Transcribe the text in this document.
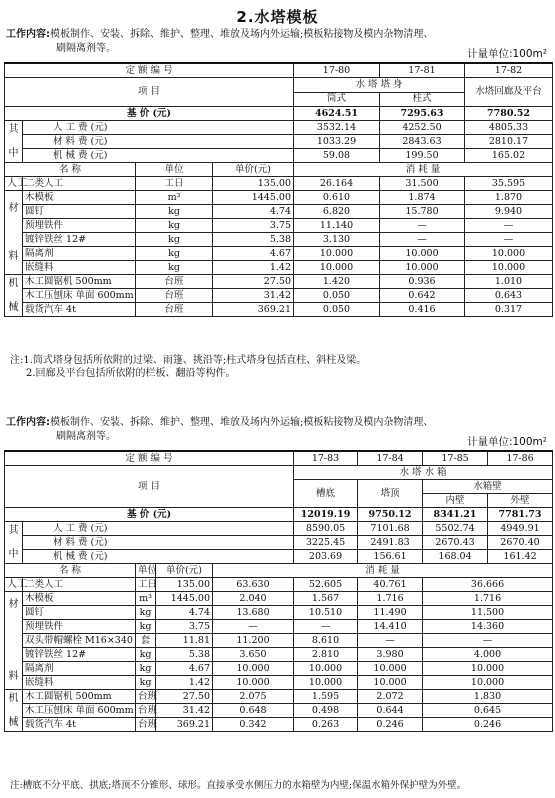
2.水塔模板
工作内容:模板制作、安装、拆除、维护、整理、堆放及场内外运输;模板粘接物及模内杂物清理、
刷隔离剂等。	计量单位:100m²
定 额 编 号				17-80	17-81	17-82
项 目				水 塔 塔 身		水塔回廊及平台
				筒式	柱式	
基 价 (元)				4624.51	7295.63	7780.52
其

中	人 工 费 (元)			3532.14	4252.50	4805.33
	材 料 费 (元)			1033.29	2843.63	2810.17
	机 械 费 (元)			59.08	199.50	165.02
名 称		单位	单价(元)	消 耗 量		
人工	二类人工	工日	135.00	26.164	31.500	35.595
材

料	木模板	m³	1445.00	0.610	1.874	1.870
	圆钉	kg	4.74	6.820	15.780	9.940
	预埋铁件	kg	3.75	11.140	—	—
	镀锌铁丝 12#	kg	5.38	3.130	—	—
	隔离剂	kg	4.67	10.000	10.000	10.000
	嵌缝料	kg	1.42	10.000	10.000	10.000
机

械	木工圆锯机 500mm	台班	27.50	1.420	0.936	1.010
	木工压刨床 单面 600mm	台班	31.42	0.050	0.642	0.643
	载货汽车 4t	台班	369.21	0.050	0.416	0.317
注:1.筒式塔身包括所依附的过梁、雨篷、挑沿等;柱式塔身包括直柱、斜柱及梁。
2.回廊及平台包括所依附的栏板、翻沿等构件。
工作内容:模板制作、安装、拆除、维护、整理、堆放及场内外运输;模板粘接物及模内杂物清理、
刷隔离剂等。	计量单位:100m²
定 额 编 号					17-83	17-84	17-85	17-86
项 目					水 塔 水 箱			
					槽底	塔顶	水箱壁	
							内壁	外壁
基 价 (元)					12019.19	9750.12	8341.21	7781.73
其

中	人 工 费 (元)				8590.05	7101.68	5502.74	4949.91
	材 料 费 (元)				3225.45	2491.83	2670.43	2670.40
	机 械 费 (元)				203.69	156.61	168.04	161.42
名 称		单位	单价(元)	消 耗 量				
人工	二类人工	工日	135.00	63.630	52.605	40.761	36.666	
材

料	木模板	m³	1445.00	2.040	1.567	1.716	1.716	
	圆钉	kg	4.74	13.680	10.510	11.490	11.500	
	预埋铁件	kg	3.75	—	—	14.410	14.360	
	双头带帽螺栓 M16×340	套	11.81	11.200	8.610	—	—	
	镀锌铁丝 12#	kg	5.38	3.650	2.810	3.980	4.000	
	隔离剂	kg	4.67	10.000	10.000	10.000	10.000	
	嵌缝料	kg	1.42	10.000	10.000	10.000	10.000	
机

械	木工圆锯机 500mm	台班	27.50	2.075	1.595	2.072	1.830	
	木工压刨床 单面 600mm	台班	31.42	0.648	0.498	0.644	0.645	
	载货汽车 4t	台班	369.21	0.342	0.263	0.246	0.246	
注:槽底不分平底、拱底;塔顶不分锥形、球形。直接承受水侧压力的水箱壁为内壁;保温水箱外保护壁为外壁。
